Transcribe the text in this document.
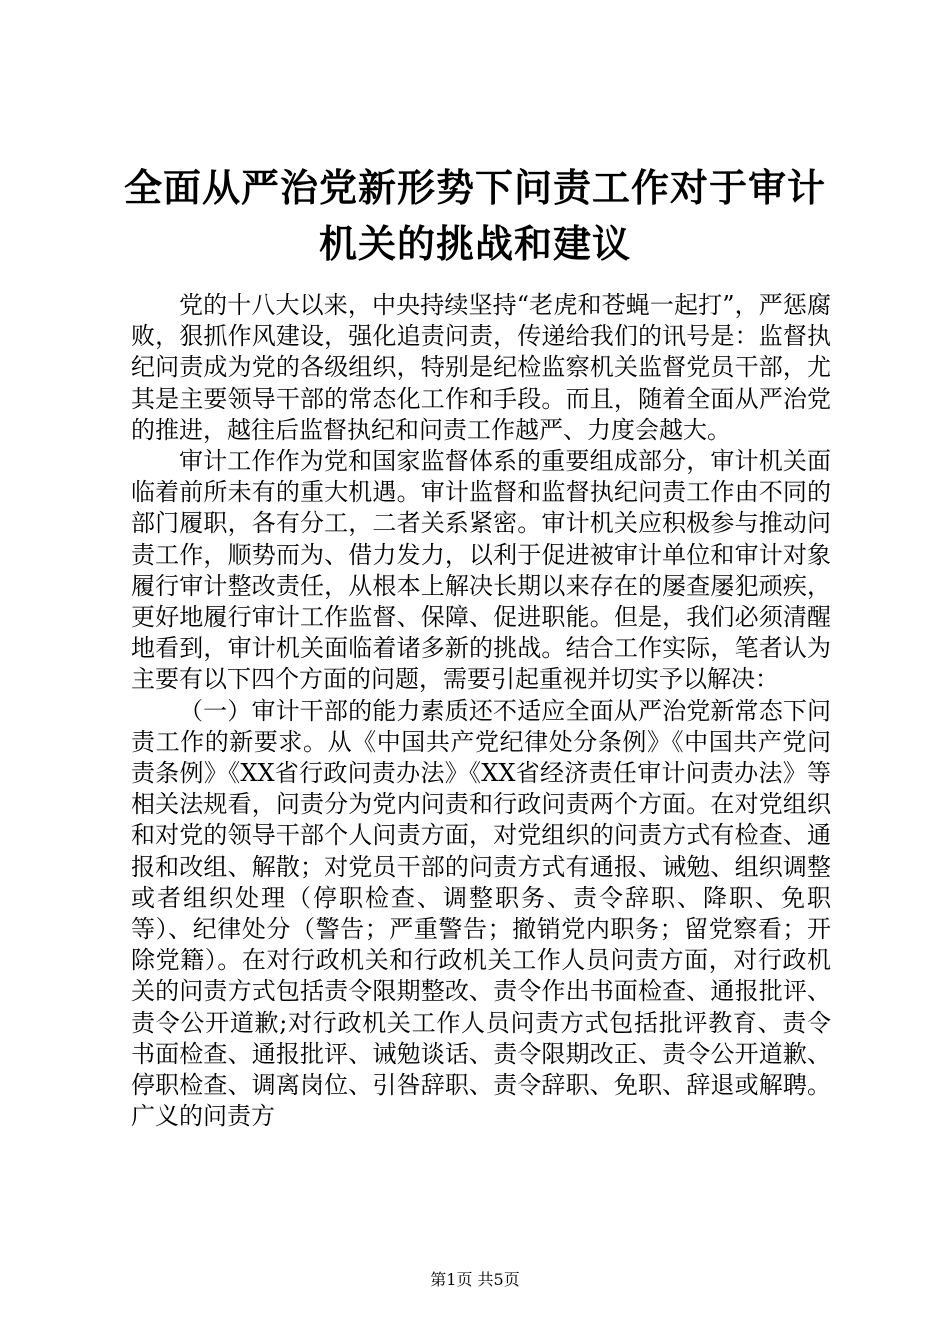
全面从严治党新形势下问责工作对于审计机关的挑战和建议

党的十八大以来，中央持续坚持“老虎和苍蝇一起打”，严惩腐败，狠抓作风建设，强化追责问责，传递给我们的讯号是：监督执纪问责成为党的各级组织，特别是纪检监察机关监督党员干部，尤其是主要领导干部的常态化工作和手段。而且，随着全面从严治党的推进，越往后监督执纪和问责工作越严、力度会越大。

审计工作作为党和国家监督体系的重要组成部分，审计机关面临着前所未有的重大机遇。审计监督和监督执纪问责工作由不同的部门履职，各有分工，二者关系紧密。审计机关应积极参与推动问责工作，顺势而为、借力发力，以利于促进被审计单位和审计对象履行审计整改责任，从根本上解决长期以来存在的屡查屡犯顽疾，更好地履行审计工作监督、保障、促进职能。但是，我们必须清醒地看到，审计机关面临着诸多新的挑战。结合工作实际，笔者认为主要有以下四个方面的问题，需要引起重视并切实予以解决：

（一）审计干部的能力素质还不适应全面从严治党新常态下问责工作的新要求。从《中国共产党纪律处分条例》《中国共产党问责条例》《XX省行政问责办法》《XX省经济责任审计问责办法》等相关法规看，问责分为党内问责和行政问责两个方面。在对党组织和对党的领导干部个人问责方面，对党组织的问责方式有检查、通报和改组、解散；对党员干部的问责方式有通报、诫勉、组织调整或者组织处理（停职检查、调整职务、责令辞职、降职、免职等）、纪律处分（警告；严重警告；撤销党内职务；留党察看；开除党籍）。在对行政机关和行政机关工作人员问责方面，对行政机关的问责方式包括责令限期整改、责令作出书面检查、通报批评、责令公开道歉;对行政机关工作人员问责方式包括批评教育、责令书面检查、通报批评、诫勉谈话、责令限期改正、责令公开道歉、停职检查、调离岗位、引咎辞职、责令辞职、免职、辞退或解聘。广义的问责方

第1页 共5页
